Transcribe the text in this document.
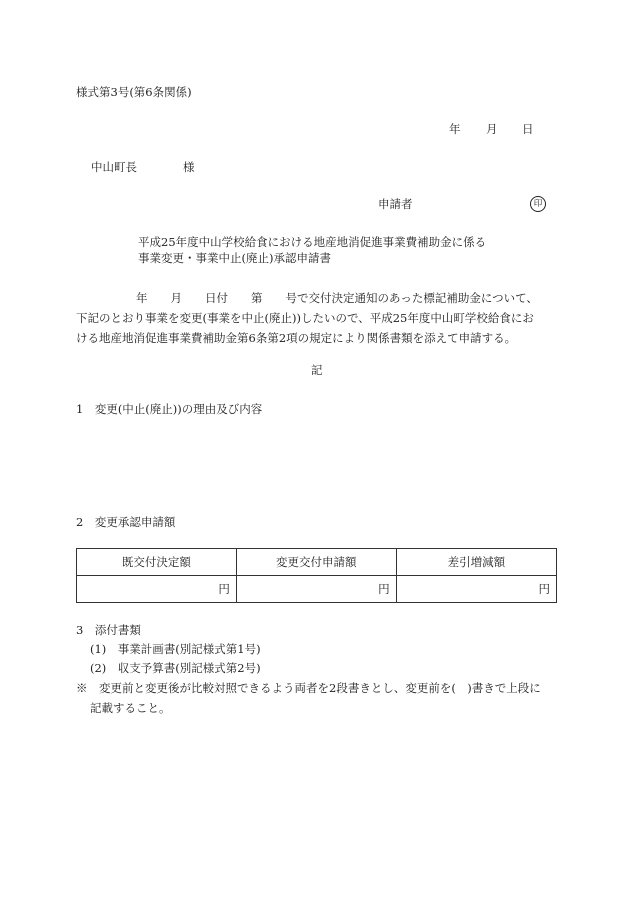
様式第3号(第6条関係)
年 月 日
中山町長	様
申請者	印
平成25年度中山学校給食における地産地消促進事業費補助金に係る
事業変更・事業中止(廃止)承認申請書
年　　月　　日付　　第　　号で交付決定通知のあった標記補助金について、
下記のとおり事業を変更(事業を中止(廃止))したいので、平成25年度中山町学校給食にお
ける地産地消促進事業費補助金第6条第2項の規定により関係書類を添えて申請する。
記
1　変更(中止(廃止))の理由及び内容
2　変更承認申請額
既交付決定額	変更交付申請額	差引増減額
円	円	円
3　添付書類
(1)　事業計画書(別記様式第1号)
(2)　収支予算書(別記様式第2号)
※　変更前と変更後が比較対照できるよう両者を2段書きとし、変更前を(　)書きで上段に
記載すること。
